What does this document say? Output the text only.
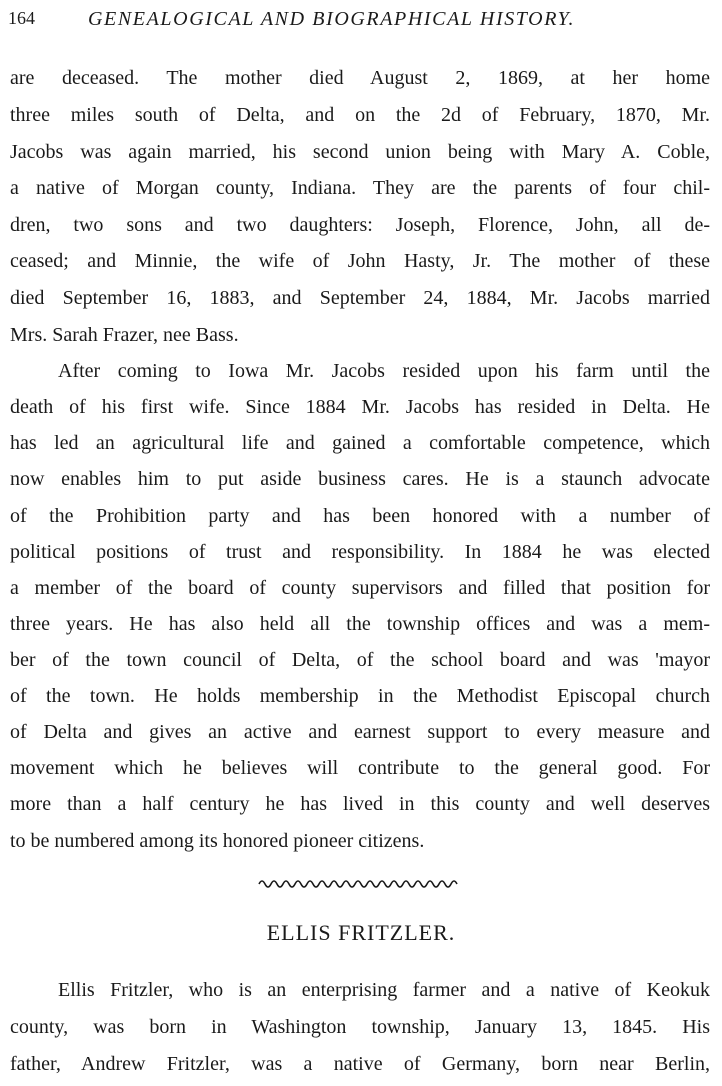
164	GENEALOGICAL AND BIOGRAPHICAL HISTORY.
are deceased. The mother died August 2, 1869, at her home
three miles south of Delta, and on the 2d of February, 1870, Mr.
Jacobs was again married, his second union being with Mary A. Coble,
a native of Morgan county, Indiana. They are the parents of four chil-
dren, two sons and two daughters: Joseph, Florence, John, all de-
ceased; and Minnie, the wife of John Hasty, Jr. The mother of these
died September 16, 1883, and September 24, 1884, Mr. Jacobs married
Mrs. Sarah Frazer, nee Bass.
After coming to Iowa Mr. Jacobs resided upon his farm until the
death of his first wife. Since 1884 Mr. Jacobs has resided in Delta. He
has led an agricultural life and gained a comfortable competence, which
now enables him to put aside business cares. He is a staunch advocate
of the Prohibition party and has been honored with a number of
political positions of trust and responsibility. In 1884 he was elected
a member of the board of county supervisors and filled that position for
three years. He has also held all the township offices and was a mem-
ber of the town council of Delta, of the school board and was 'mayor
of the town. He holds membership in the Methodist Episcopal church
of Delta and gives an active and earnest support to every measure and
movement which he believes will contribute to the general good. For
more than a half century he has lived in this county and well deserves
to be numbered among its honored pioneer citizens.
ELLIS FRITZLER.
Ellis Fritzler, who is an enterprising farmer and a native of Keokuk
county, was born in Washington township, January 13, 1845. His
father, Andrew Fritzler, was a native of Germany, born near Berlin,
